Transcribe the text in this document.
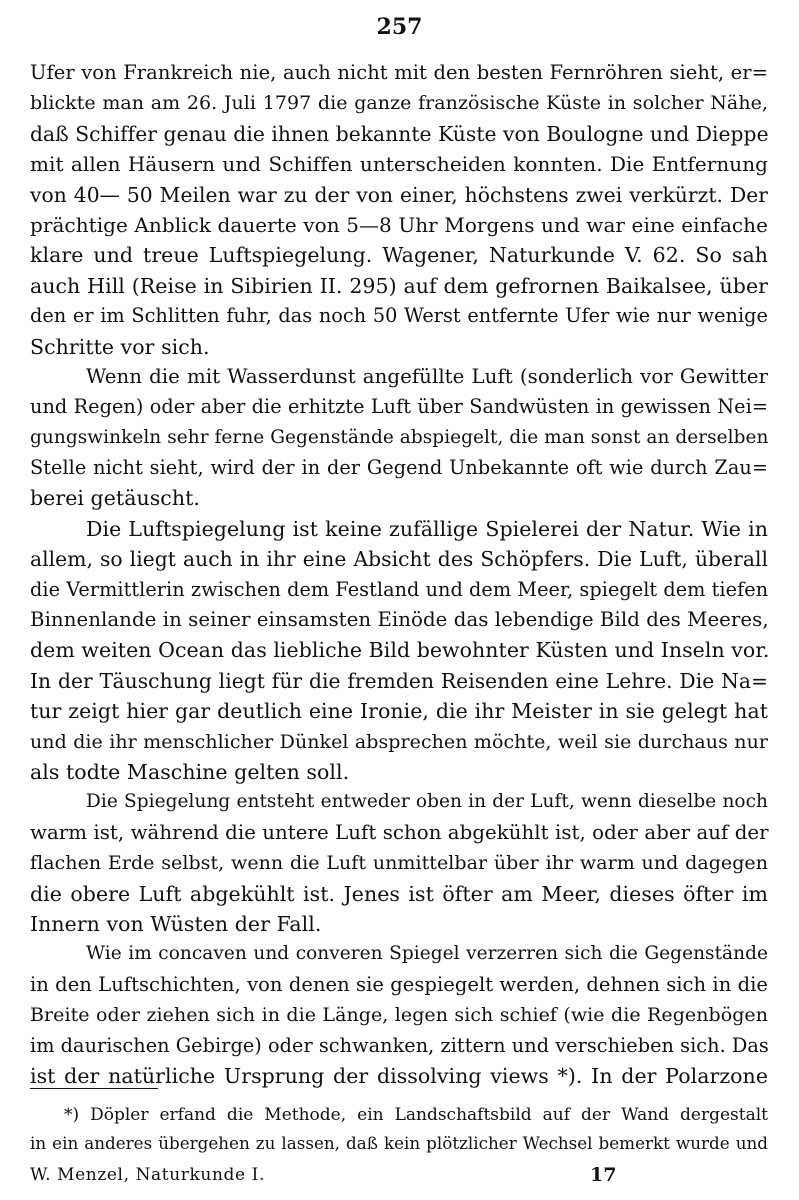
257
Ufer von Frankreich nie, auch nicht mit den besten Fernröhren sieht, er=
blickte man am 26. Juli 1797 die ganze französische Küste in solcher Nähe,
daß Schiffer genau die ihnen bekannte Küste von Boulogne und Dieppe
mit allen Häusern und Schiffen unterscheiden konnten. Die Entfernung
von 40— 50 Meilen war zu der von einer, höchstens zwei verkürzt. Der
prächtige Anblick dauerte von 5—8 Uhr Morgens und war eine einfache
klare und treue Luftspiegelung. Wagener, Naturkunde V. 62. So sah
auch Hill (Reise in Sibirien II. 295) auf dem gefrornen Baikalsee, über
den er im Schlitten fuhr, das noch 50 Werst entfernte Ufer wie nur wenige
Schritte vor sich.
Wenn die mit Wasserdunst angefüllte Luft (sonderlich vor Gewitter
und Regen) oder aber die erhitzte Luft über Sandwüsten in gewissen Nei=
gungswinkeln sehr ferne Gegenstände abspiegelt, die man sonst an derselben
Stelle nicht sieht, wird der in der Gegend Unbekannte oft wie durch Zau=
berei getäuscht.
Die Luftspiegelung ist keine zufällige Spielerei der Natur. Wie in
allem, so liegt auch in ihr eine Absicht des Schöpfers. Die Luft, überall
die Vermittlerin zwischen dem Festland und dem Meer, spiegelt dem tiefen
Binnenlande in seiner einsamsten Einöde das lebendige Bild des Meeres,
dem weiten Ocean das liebliche Bild bewohnter Küsten und Inseln vor.
In der Täuschung liegt für die fremden Reisenden eine Lehre. Die Na=
tur zeigt hier gar deutlich eine Ironie, die ihr Meister in sie gelegt hat
und die ihr menschlicher Dünkel absprechen möchte, weil sie durchaus nur
als todte Maschine gelten soll.
Die Spiegelung entsteht entweder oben in der Luft, wenn dieselbe noch
warm ist, während die untere Luft schon abgekühlt ist, oder aber auf der
flachen Erde selbst, wenn die Luft unmittelbar über ihr warm und dagegen
die obere Luft abgekühlt ist. Jenes ist öfter am Meer, dieses öfter im
Innern von Wüsten der Fall.
Wie im concaven und converen Spiegel verzerren sich die Gegenstände
in den Luftschichten, von denen sie gespiegelt werden, dehnen sich in die
Breite oder ziehen sich in die Länge, legen sich schief (wie die Regenbögen
im daurischen Gebirge) oder schwanken, zittern und verschieben sich. Das
ist der natürliche Ursprung der dissolving views *). In der Polarzone
*) Döpler erfand die Methode, ein Landschaftsbild auf der Wand dergestalt
in ein anderes übergehen zu lassen, daß kein plötzlicher Wechsel bemerkt wurde und
W. Menzel, Naturkunde I.	17
